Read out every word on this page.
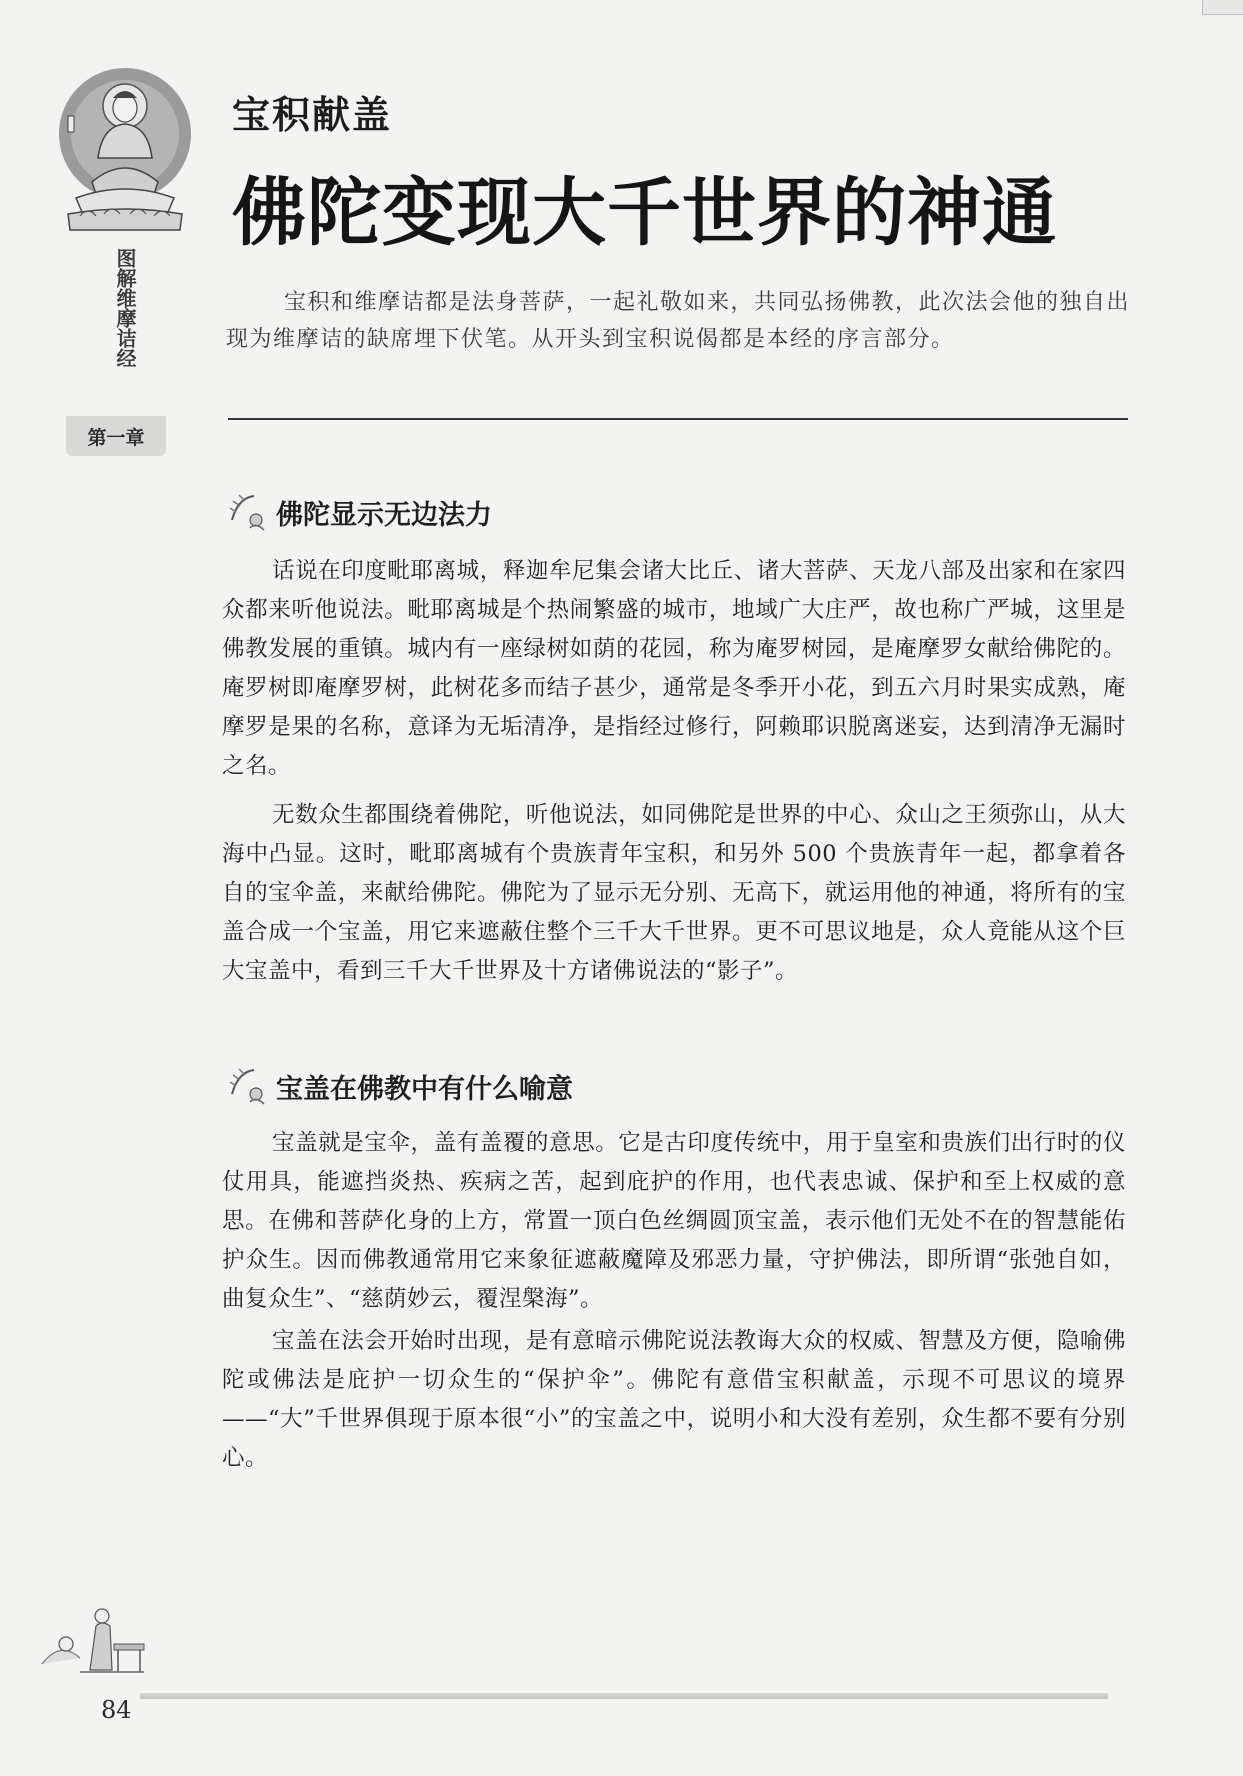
图解维摩诘经
第一章
宝积献盖
佛陀变现大千世界的神通
宝积和维摩诘都是法身菩萨，一起礼敬如来，共同弘扬佛教，此次法会他的独自出现为维摩诘的缺席埋下伏笔。从开头到宝积说偈都是本经的序言部分。
佛陀显示无边法力
话说在印度毗耶离城，释迦牟尼集会诸大比丘、诸大菩萨、天龙八部及出家和在家四众都来听他说法。毗耶离城是个热闹繁盛的城市，地域广大庄严，故也称广严城，这里是佛教发展的重镇。城内有一座绿树如荫的花园，称为庵罗树园，是庵摩罗女献给佛陀的。庵罗树即庵摩罗树，此树花多而结子甚少，通常是冬季开小花，到五六月时果实成熟，庵摩罗是果的名称，意译为无垢清净，是指经过修行，阿赖耶识脱离迷妄，达到清净无漏时之名。
无数众生都围绕着佛陀，听他说法，如同佛陀是世界的中心、众山之王须弥山，从大海中凸显。这时，毗耶离城有个贵族青年宝积，和另外 500 个贵族青年一起，都拿着各自的宝伞盖，来献给佛陀。佛陀为了显示无分别、无高下，就运用他的神通，将所有的宝盖合成一个宝盖，用它来遮蔽住整个三千大千世界。更不可思议地是，众人竟能从这个巨大宝盖中，看到三千大千世界及十方诸佛说法的“影子”。
宝盖在佛教中有什么喻意
宝盖就是宝伞，盖有盖覆的意思。它是古印度传统中，用于皇室和贵族们出行时的仪仗用具，能遮挡炎热、疾病之苦，起到庇护的作用，也代表忠诚、保护和至上权威的意思。在佛和菩萨化身的上方，常置一顶白色丝绸圆顶宝盖，表示他们无处不在的智慧能佑护众生。因而佛教通常用它来象征遮蔽魔障及邪恶力量，守护佛法，即所谓“张弛自如，曲复众生”、“慈荫妙云，覆涅槃海”。
宝盖在法会开始时出现，是有意暗示佛陀说法教诲大众的权威、智慧及方便，隐喻佛陀或佛法是庇护一切众生的“保护伞”。佛陀有意借宝积献盖，示现不可思议的境界——“大”千世界俱现于原本很“小”的宝盖之中，说明小和大没有差别，众生都不要有分别心。
84
